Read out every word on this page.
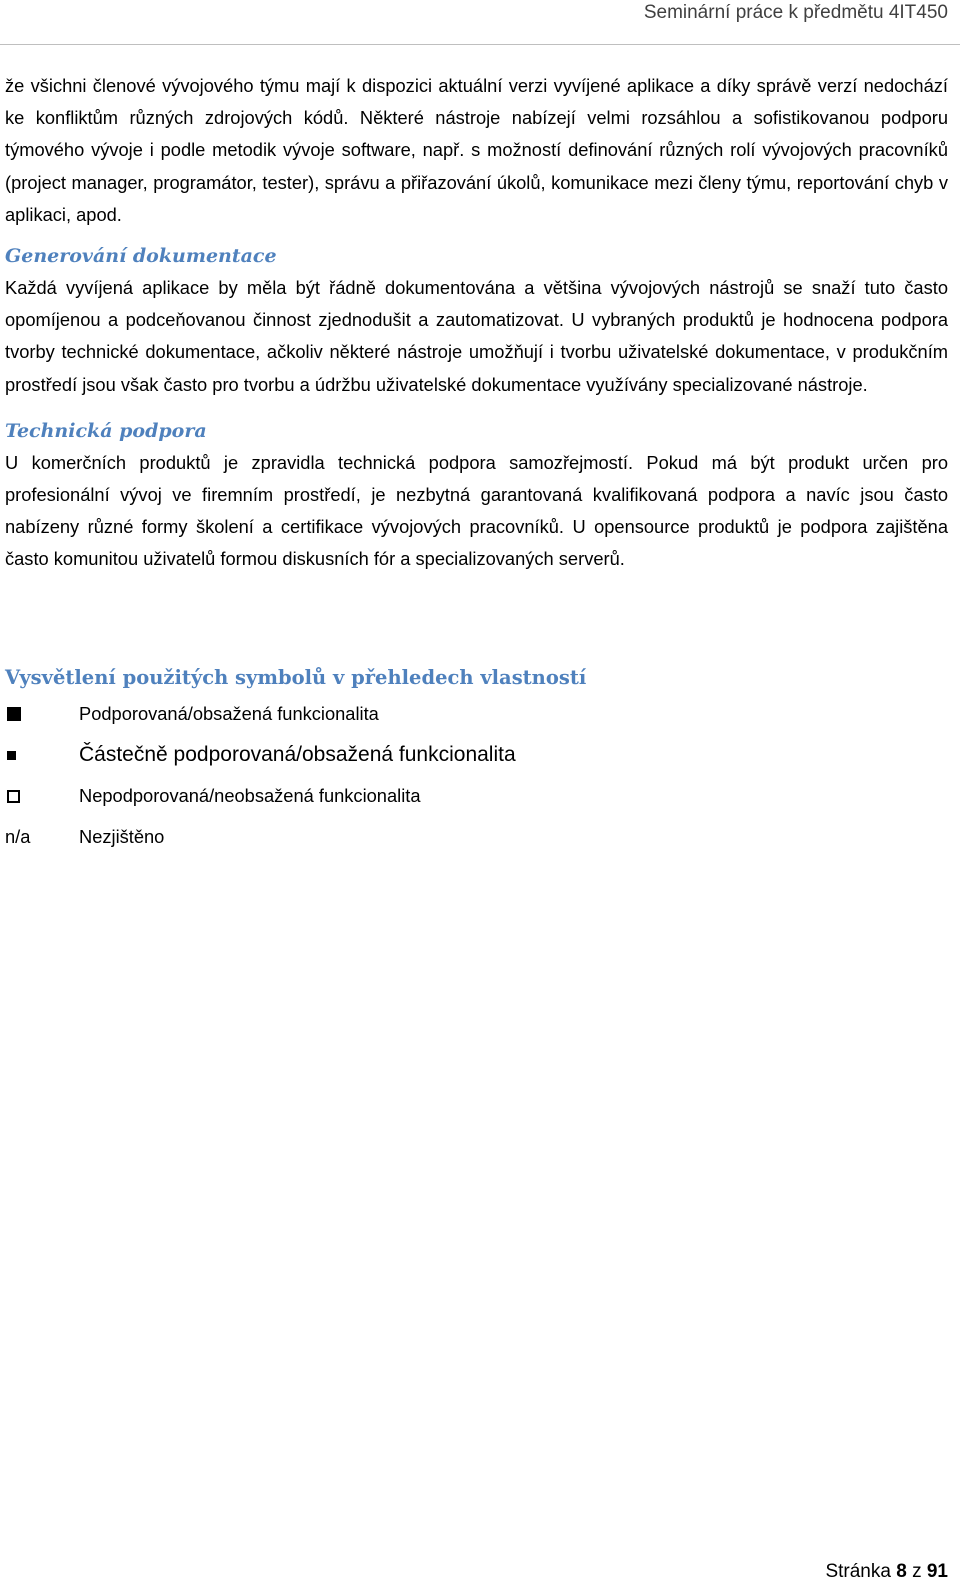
Seminární práce k předmětu 4IT450

že všichni členové vývojového týmu mají k dispozici aktuální verzi vyvíjené aplikace a díky správě verzí nedochází ke konfliktům různých zdrojových kódů. Některé nástroje nabízejí velmi rozsáhlou a sofistikovanou podporu týmového vývoje i podle metodik vývoje software, např. s možností definování různých rolí vývojových pracovníků (project manager, programátor, tester), správu a přiřazování úkolů, komunikace mezi členy týmu, reportování chyb v aplikaci, apod.

Generování dokumentace

Každá vyvíjená aplikace by měla být řádně dokumentována a většina vývojových nástrojů se snaží tuto často opomíjenou a podceňovanou činnost zjednodušit a zautomatizovat. U vybraných produktů je hodnocena podpora tvorby technické dokumentace, ačkoliv některé nástroje umožňují i tvorbu uživatelské dokumentace, v produkčním prostředí jsou však často pro tvorbu a údržbu uživatelské dokumentace využívány specializované nástroje.

Technická podpora

U komerčních produktů je zpravidla technická podpora samozřejmostí. Pokud má být produkt určen pro profesionální vývoj ve firemním prostředí, je nezbytná garantovaná kvalifikovaná podpora a navíc jsou často nabízeny různé formy školení a certifikace vývojových pracovníků. U opensource produktů je podpora zajištěna často komunitou uživatelů formou diskusních fór a specializovaných serverů.

Vysvětlení použitých symbolů v přehledech vlastností
Podporovaná/obsažená funkcionalita
Částečně podporovaná/obsažená funkcionalita
Nepodporovaná/neobsažená funkcionalita
n/a	Nezjištěno
Stránka 8 z 91
